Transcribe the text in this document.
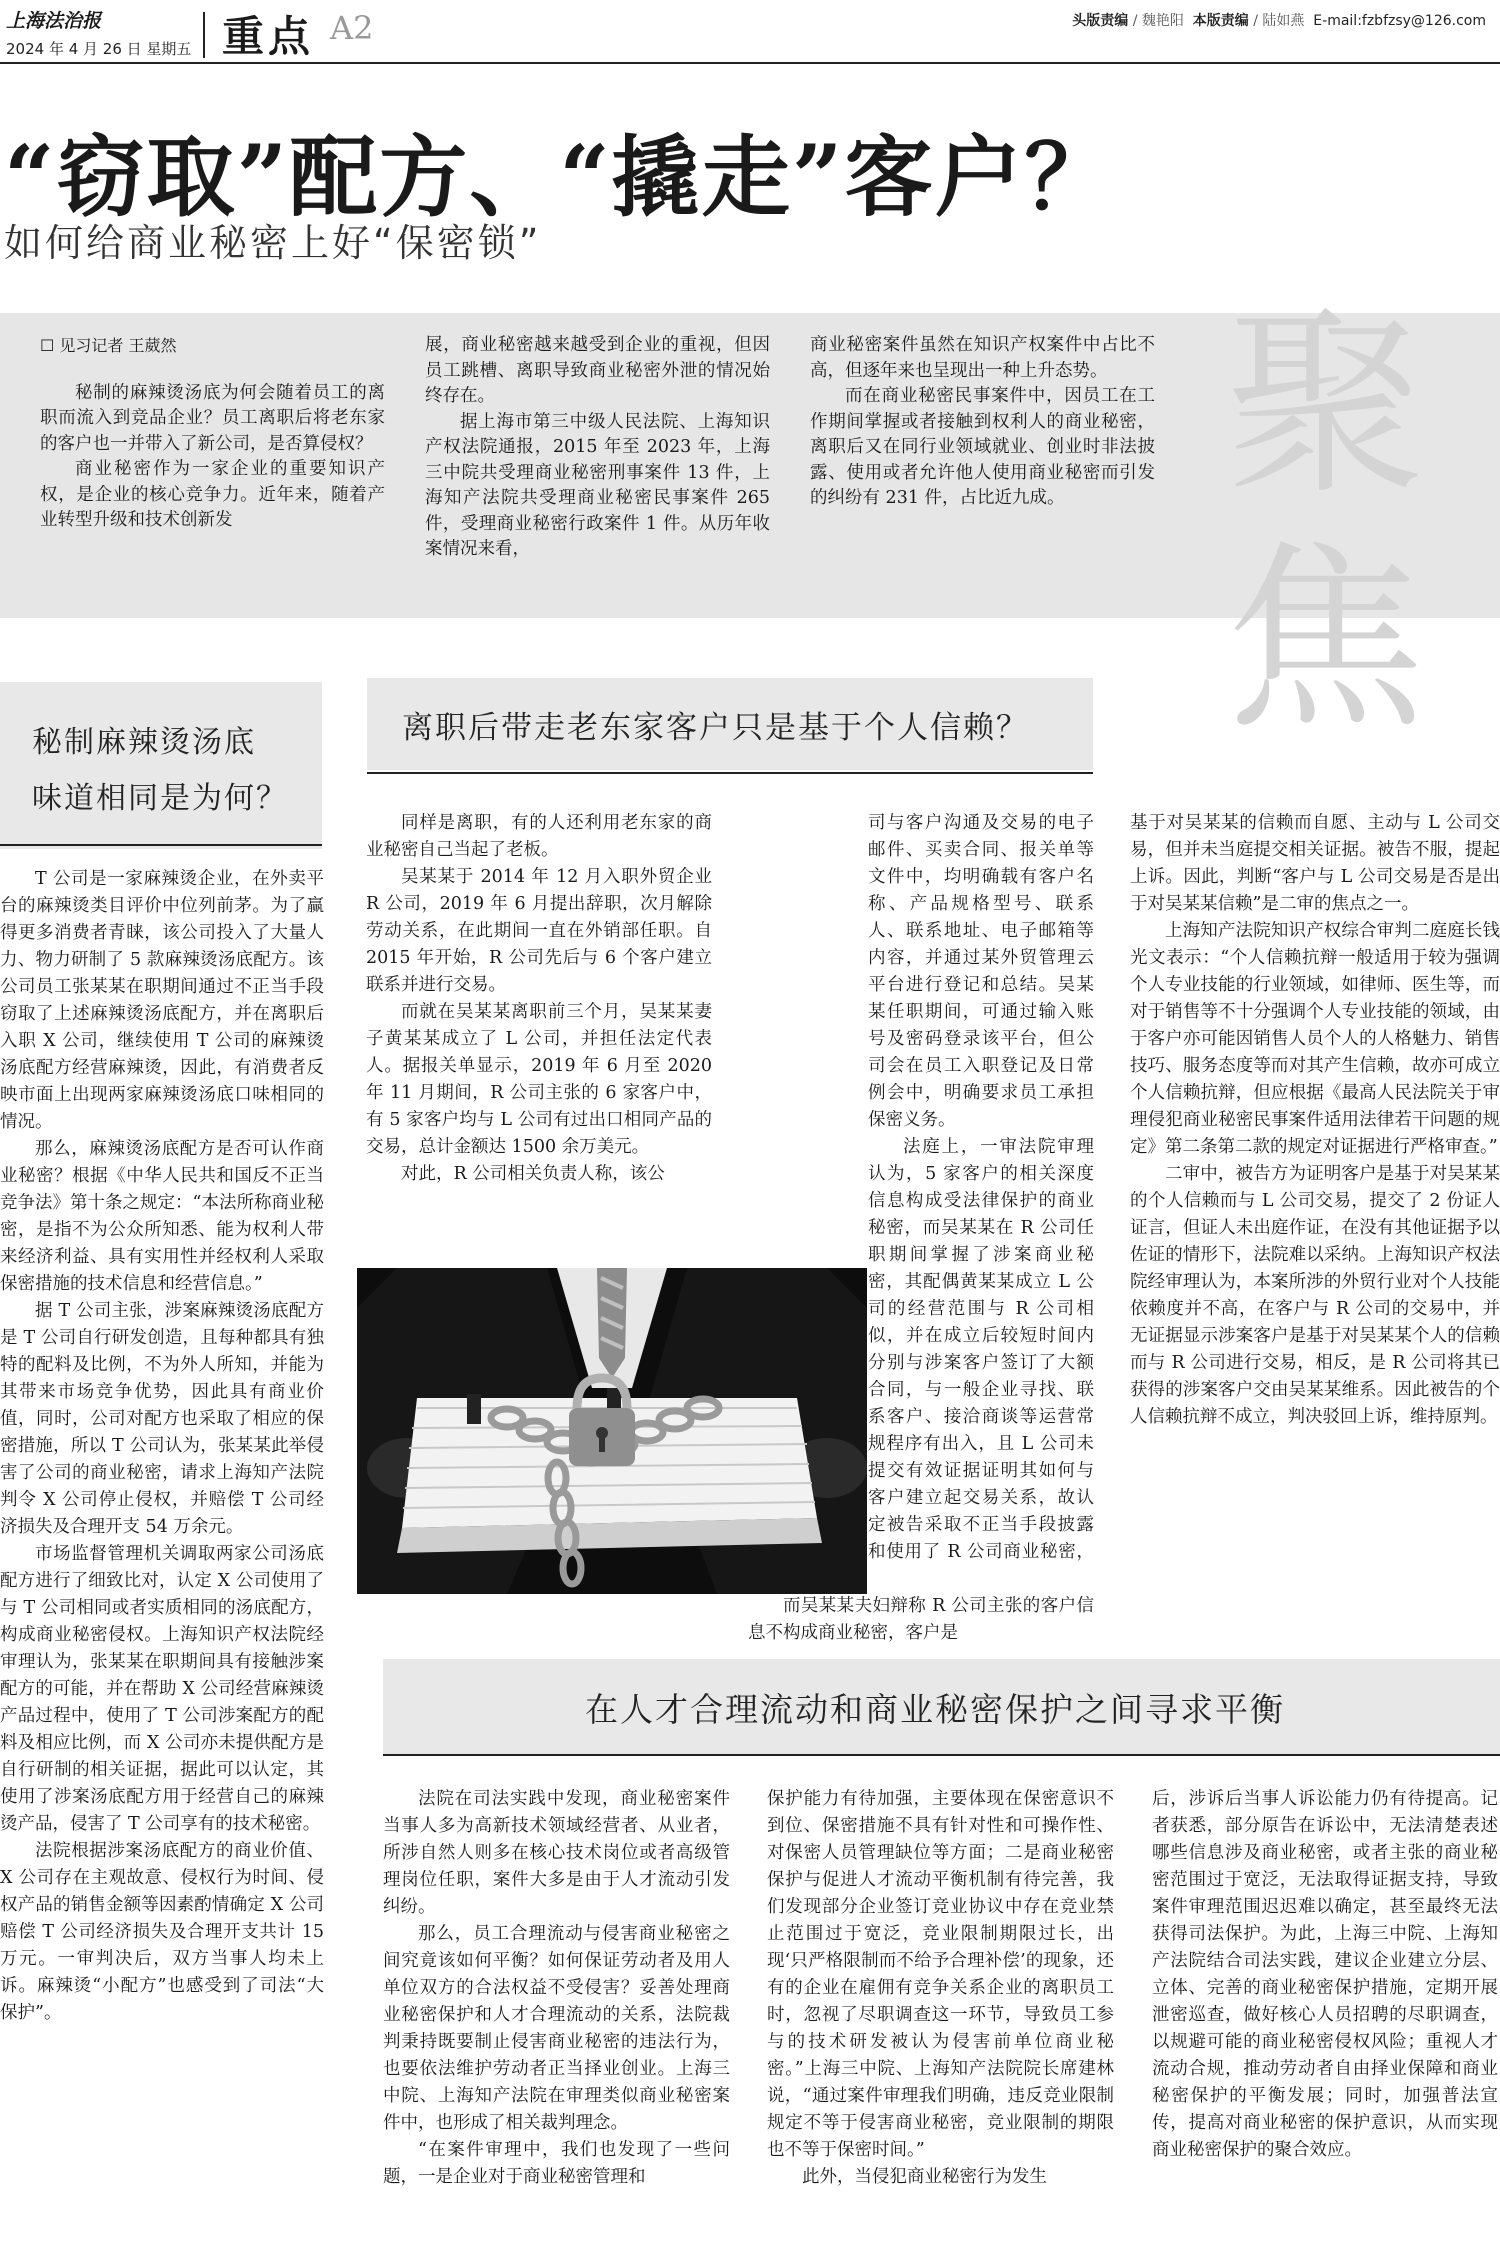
上海法治报
2024 年 4 月 26 日 星期五 重点 A2	头版责编 / 魏艳阳 本版责编 / 陆如燕 E-mail:fzbfzsy@126.com
“窃取”配方、“撬走”客户？
如何给商业秘密上好“保密锁”
聚焦

☐ 见习记者 王葳然

秘制的麻辣烫汤底为何会随着员工的离职而流入到竞品企业？员工离职后将老东家的客户也一并带入了新公司，是否算侵权？

商业秘密作为一家企业的重要知识产权，是企业的核心竞争力。近年来，随着产业转型升级和技术创新发

展，商业秘密越来越受到企业的重视，但因员工跳槽、离职导致商业秘密外泄的情况始终存在。

据上海市第三中级人民法院、上海知识产权法院通报，2015 年至 2023 年，上海三中院共受理商业秘密刑事案件 13 件，上海知产法院共受理商业秘密民事案件 265 件，受理商业秘密行政案件 1 件。从历年收案情况来看，

商业秘密案件虽然在知识产权案件中占比不高，但逐年来也呈现出一种上升态势。

而在商业秘密民事案件中，因员工在工作期间掌握或者接触到权利人的商业秘密，离职后又在同行业领域就业、创业时非法披露、使用或者允许他人使用商业秘密而引发的纠纷有 231 件，占比近九成。

秘制麻辣烫汤底
味道相同是为何？

T 公司是一家麻辣烫企业，在外卖平台的麻辣烫类目评价中位列前茅。为了赢得更多消费者青睐，该公司投入了大量人力、物力研制了 5 款麻辣烫汤底配方。该公司员工张某某在职期间通过不正当手段窃取了上述麻辣烫汤底配方，并在离职后入职 X 公司，继续使用 T 公司的麻辣烫汤底配方经营麻辣烫，因此，有消费者反映市面上出现两家麻辣烫汤底口味相同的情况。

那么，麻辣烫汤底配方是否可认作商业秘密？根据《中华人民共和国反不正当竞争法》第十条之规定：“本法所称商业秘密，是指不为公众所知悉、能为权利人带来经济利益、具有实用性并经权利人采取保密措施的技术信息和经营信息。”

据 T 公司主张，涉案麻辣烫汤底配方是 T 公司自行研发创造，且每种都具有独特的配料及比例，不为外人所知，并能为其带来市场竞争优势，因此具有商业价值，同时，公司对配方也采取了相应的保密措施，所以 T 公司认为，张某某此举侵害了公司的商业秘密，请求上海知产法院判令 X 公司停止侵权，并赔偿 T 公司经济损失及合理开支 54 万余元。

市场监督管理机关调取两家公司汤底配方进行了细致比对，认定 X 公司使用了与 T 公司相同或者实质相同的汤底配方，构成商业秘密侵权。上海知识产权法院经审理认为，张某某在职期间具有接触涉案配方的可能，并在帮助 X 公司经营麻辣烫产品过程中，使用了 T 公司涉案配方的配料及相应比例，而 X 公司亦未提供配方是自行研制的相关证据，据此可以认定，其使用了涉案汤底配方用于经营自己的麻辣烫产品，侵害了 T 公司享有的技术秘密。

法院根据涉案汤底配方的商业价值、X 公司存在主观故意、侵权行为时间、侵权产品的销售金额等因素酌情确定 X 公司赔偿 T 公司经济损失及合理开支共计 15 万元。一审判决后，双方当事人均未上诉。麻辣烫“小配方”也感受到了司法“大保护”。

离职后带走老东家客户只是基于个人信赖？

同样是离职，有的人还利用老东家的商业秘密自己当起了老板。

吴某某于 2014 年 12 月入职外贸企业 R 公司，2019 年 6 月提出辞职，次月解除劳动关系，在此期间一直在外销部任职。自 2015 年开始，R 公司先后与 6 个客户建立联系并进行交易。

而就在吴某某离职前三个月，吴某某妻子黄某某成立了 L 公司，并担任法定代表人。据报关单显示，2019 年 6 月至 2020 年 11 月期间，R 公司主张的 6 家客户中，有 5 家客户均与 L 公司有过出口相同产品的交易，总计金额达 1500 余万美元。

对此，R 公司相关负责人称，该公

司与客户沟通及交易的电子邮件、买卖合同、报关单等文件中，均明确载有客户名称、产品规格型号、联系人、联系地址、电子邮箱等内容，并通过某外贸管理云平台进行登记和总结。吴某某任职期间，可通过输入账号及密码登录该平台，但公司会在员工入职登记及日常例会中，明确要求员工承担保密义务。

法庭上，一审法院审理认为，5 家客户的相关深度信息构成受法律保护的商业秘密，而吴某某在 R 公司任职期间掌握了涉案商业秘密，其配偶黄某某成立 L 公司的经营范围与 R 公司相似，并在成立后较短时间内分别与涉案客户签订了大额合同，与一般企业寻找、联系客户、接洽商谈等运营常规程序有出入，且 L 公司未提交有效证据证明其如何与客户建立起交易关系，故认定被告采取不正当手段披露和使用了 R 公司商业秘密，

而吴某某夫妇辩称 R 公司主张的客户信息不构成商业秘密，客户是

基于对吴某某的信赖而自愿、主动与 L 公司交易，但并未当庭提交相关证据。被告不服，提起上诉。因此，判断“客户与 L 公司交易是否是出于对吴某某信赖”是二审的焦点之一。

上海知产法院知识产权综合审判二庭庭长钱光文表示：“个人信赖抗辩一般适用于较为强调个人专业技能的行业领域，如律师、医生等，而对于销售等不十分强调个人专业技能的领域，由于客户亦可能因销售人员个人的人格魅力、销售技巧、服务态度等而对其产生信赖，故亦可成立个人信赖抗辩，但应根据《最高人民法院关于审理侵犯商业秘密民事案件适用法律若干问题的规定》第二条第二款的规定对证据进行严格审查。”

二审中，被告方为证明客户是基于对吴某某的个人信赖而与 L 公司交易，提交了 2 份证人证言，但证人未出庭作证，在没有其他证据予以佐证的情形下，法院难以采纳。上海知识产权法院经审理认为，本案所涉的外贸行业对个人技能依赖度并不高，在客户与 R 公司的交易中，并无证据显示涉案客户是基于对吴某某个人的信赖而与 R 公司进行交易，相反，是 R 公司将其已获得的涉案客户交由吴某某维系。因此被告的个人信赖抗辩不成立，判决驳回上诉，维持原判。

在人才合理流动和商业秘密保护之间寻求平衡

法院在司法实践中发现，商业秘密案件当事人多为高新技术领域经营者、从业者，所涉自然人则多在核心技术岗位或者高级管理岗位任职，案件大多是由于人才流动引发纠纷。

那么，员工合理流动与侵害商业秘密之间究竟该如何平衡？如何保证劳动者及用人单位双方的合法权益不受侵害？妥善处理商业秘密保护和人才合理流动的关系，法院裁判秉持既要制止侵害商业秘密的违法行为，也要依法维护劳动者正当择业创业。上海三中院、上海知产法院在审理类似商业秘密案件中，也形成了相关裁判理念。

“在案件审理中，我们也发现了一些问题，一是企业对于商业秘密管理和

保护能力有待加强，主要体现在保密意识不到位、保密措施不具有针对性和可操作性、对保密人员管理缺位等方面；二是商业秘密保护与促进人才流动平衡机制有待完善，我们发现部分企业签订竞业协议中存在竞业禁止范围过于宽泛，竞业限制期限过长，出现‘只严格限制而不给予合理补偿’的现象，还有的企业在雇佣有竞争关系企业的离职员工时，忽视了尽职调查这一环节，导致员工参与的技术研发被认为侵害前单位商业秘密。”上海三中院、上海知产法院院长席建林说，“通过案件审理我们明确，违反竞业限制规定不等于侵害商业秘密，竞业限制的期限也不等于保密时间。”

此外，当侵犯商业秘密行为发生

后，涉诉后当事人诉讼能力仍有待提高。记者获悉，部分原告在诉讼中，无法清楚表述哪些信息涉及商业秘密，或者主张的商业秘密范围过于宽泛，无法取得证据支持，导致案件审理范围迟迟难以确定，甚至最终无法获得司法保护。为此，上海三中院、上海知产法院结合司法实践，建议企业建立分层、立体、完善的商业秘密保护措施，定期开展泄密巡查，做好核心人员招聘的尽职调查，以规避可能的商业秘密侵权风险；重视人才流动合规，推动劳动者自由择业保障和商业秘密保护的平衡发展；同时，加强普法宣传，提高对商业秘密的保护意识，从而实现商业秘密保护的聚合效应。
